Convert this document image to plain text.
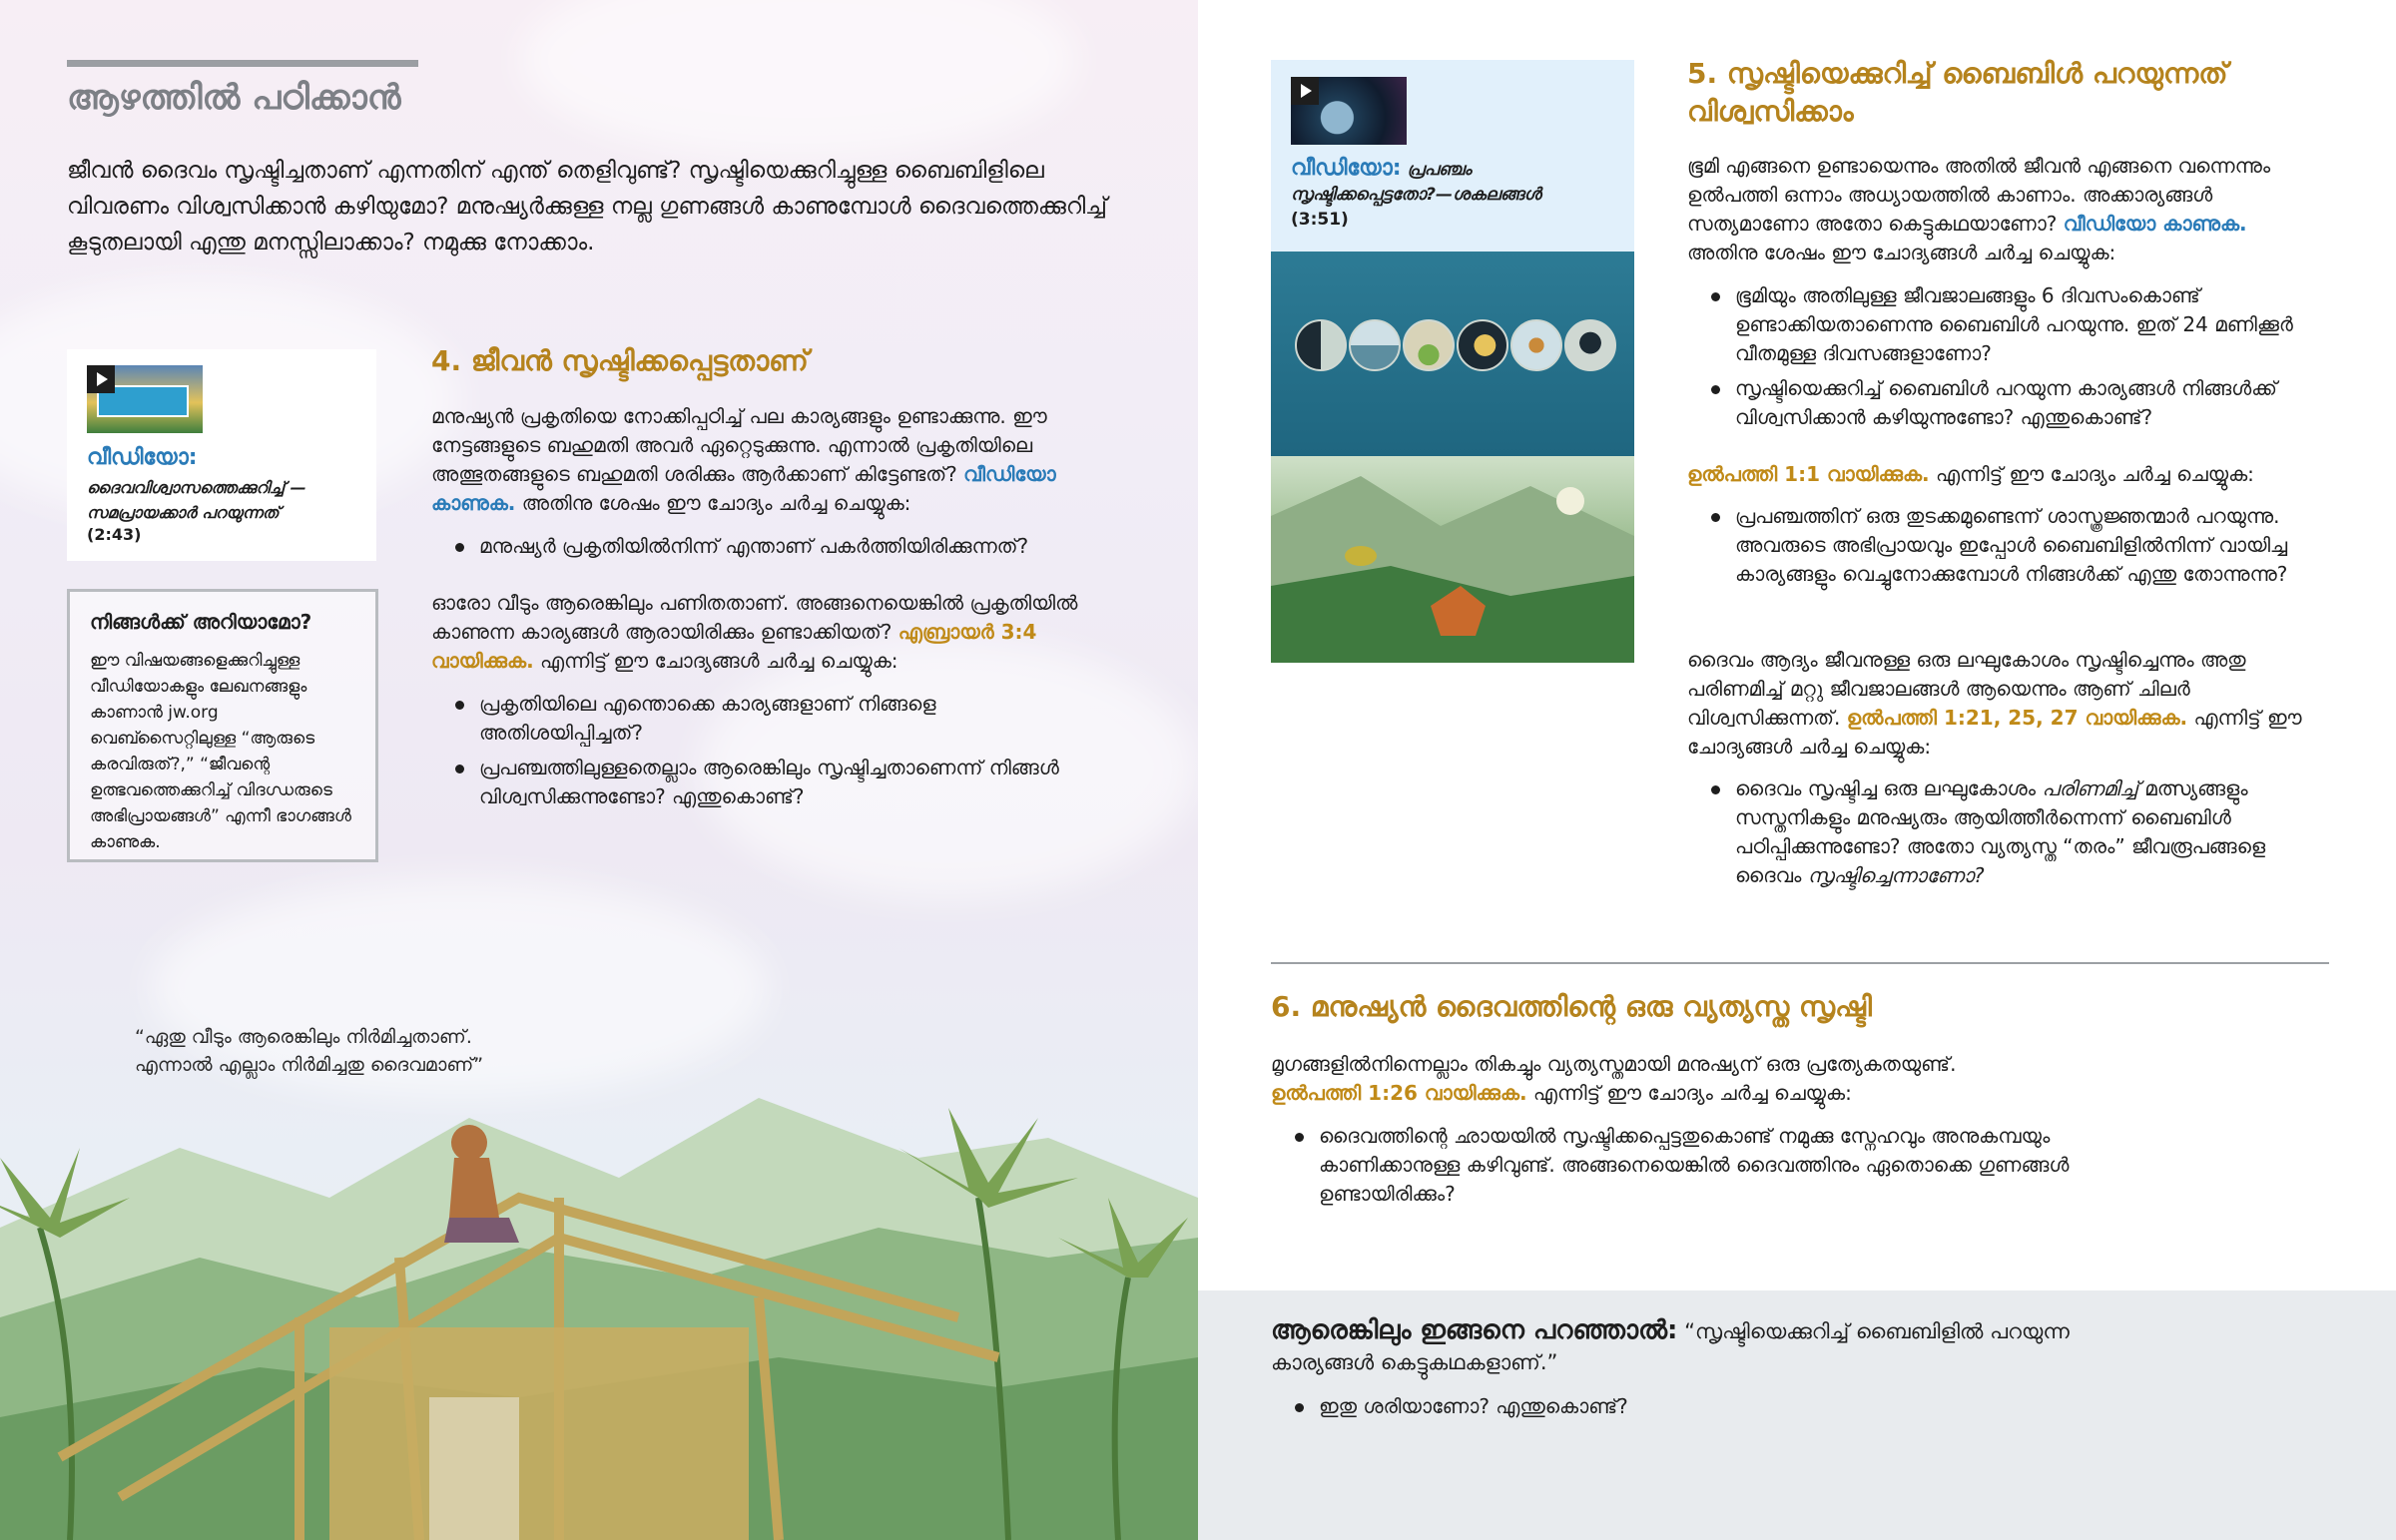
ആഴത്തിൽ പഠിക്കാൻ
ജീവൻ ദൈവം സൃഷ്ടിച്ചതാണ് എന്നതിന് എന്ത് തെളിവുണ്ട്? സൃഷ്ടിയെക്കുറിച്ചുള്ള ബൈബിളിലെ വിവരണം വിശ്വസിക്കാൻ കഴിയുമോ? മനുഷ്യർക്കുള്ള നല്ല ഗുണങ്ങൾ കാണുമ്പോൾ ദൈവത്തെക്കുറിച്ച് കൂടുതലായി എന്തു മനസ്സിലാക്കാം? നമുക്കു നോക്കാം.
വീഡിയോ:
ദൈവവിശ്വാസത്തെക്കുറിച്ച് —സമപ്രായക്കാർ പറയുന്നത്
(2:43)
നിങ്ങൾക്ക് അറിയാമോ?
ഈ വിഷയങ്ങളെക്കുറിച്ചുള്ള വീഡിയോകളും ലേഖനങ്ങളും കാണാൻ jw.org വെബ്സൈറ്റിലുള്ള “ആരുടെ കരവിരുത്?,” “ജീവന്റെ ഉത്ഭവത്തെക്കുറിച്ച് വിദഗ്ധരുടെ അഭിപ്രായങ്ങൾ” എന്നീ ഭാഗങ്ങൾ കാണുക.
4. ജീവൻ സൃഷ്ടിക്കപ്പെട്ടതാണ്
മനുഷ്യൻ പ്രകൃതിയെ നോക്കിപ്പഠിച്ച് പല കാര്യങ്ങളും ഉണ്ടാക്കുന്നു. ഈ നേട്ടങ്ങളുടെ ബഹുമതി അവർ ഏറ്റെടുക്കുന്നു. എന്നാൽ പ്രകൃതിയിലെ അത്ഭുതങ്ങളുടെ ബഹുമതി ശരിക്കും ആർക്കാണ് കിട്ടേണ്ടത്? വീഡിയോ കാണുക. അതിനു ശേഷം ഈ ചോദ്യം ചർച്ച ചെയ്യുക:
മനുഷ്യർ പ്രകൃതിയിൽനിന്ന് എന്താണ് പകർത്തിയിരിക്കുന്നത്?
ഓരോ വീടും ആരെങ്കിലും പണിതതാണ്. അങ്ങനെയെങ്കിൽ പ്രകൃതിയിൽ കാണുന്ന കാര്യങ്ങൾ ആരായിരിക്കും ഉണ്ടാക്കിയത്? എബ്രായർ 3:4 വായിക്കുക. എന്നിട്ട് ഈ ചോദ്യങ്ങൾ ചർച്ച ചെയ്യുക:
പ്രകൃതിയിലെ എന്തൊക്കെ കാര്യങ്ങളാണ് നിങ്ങളെ അതിശയിപ്പിച്ചത്?
പ്രപഞ്ചത്തിലുള്ളതെല്ലാം ആരെങ്കിലും സൃഷ്ടിച്ചതാണെന്ന് നിങ്ങൾ വിശ്വസിക്കുന്നുണ്ടോ? എന്തുകൊണ്ട്?
“ഏതു വീടും ആരെങ്കിലും നിർമിച്ചതാണ്.
എന്നാൽ എല്ലാം നിർമിച്ചതു ദൈവമാണ്”
വീഡിയോ: പ്രപഞ്ചം സൃഷ്ടിക്കപ്പെട്ടതോ?—ശകലങ്ങൾ
(3:51)
5. സൃഷ്ടിയെക്കുറിച്ച് ബൈബിൾ പറയുന്നത് വിശ്വസിക്കാം
ഭൂമി എങ്ങനെ ഉണ്ടായെന്നും അതിൽ ജീവൻ എങ്ങനെ വന്നെന്നും ഉൽപത്തി ഒന്നാം അധ്യായത്തിൽ കാണാം. അക്കാര്യങ്ങൾ സത്യമാണോ അതോ കെട്ടുകഥയാണോ? വീഡിയോ കാണുക.
അതിനു ശേഷം ഈ ചോദ്യങ്ങൾ ചർച്ച ചെയ്യുക:
ഭൂമിയും അതിലുള്ള ജീവജാലങ്ങളും 6 ദിവസംകൊണ്ട് ഉണ്ടാക്കിയതാണെന്നു ബൈബിൾ പറയുന്നു. ഇത് 24 മണിക്കൂർ വീതമുള്ള ദിവസങ്ങളാണോ?
സൃഷ്ടിയെക്കുറിച്ച് ബൈബിൾ പറയുന്ന കാര്യങ്ങൾ നിങ്ങൾക്ക് വിശ്വസിക്കാൻ കഴിയുന്നുണ്ടോ? എന്തുകൊണ്ട്?
ഉൽപത്തി 1:1 വായിക്കുക. എന്നിട്ട് ഈ ചോദ്യം ചർച്ച ചെയ്യുക:
പ്രപഞ്ചത്തിന് ഒരു തുടക്കമുണ്ടെന്ന് ശാസ്ത്രജ്ഞന്മാർ പറയുന്നു. അവരുടെ അഭിപ്രായവും ഇപ്പോൾ ബൈബിളിൽനിന്ന് വായിച്ച കാര്യങ്ങളും വെച്ചുനോക്കുമ്പോൾ നിങ്ങൾക്ക് എന്തു തോന്നുന്നു?
ദൈവം ആദ്യം ജീവനുള്ള ഒരു ലഘുകോശം സൃഷ്ടിച്ചെന്നും അതു പരിണമിച്ച് മറ്റു ജീവജാലങ്ങൾ ആയെന്നും ആണ് ചിലർ വിശ്വസിക്കുന്നത്. ഉൽപത്തി 1:21, 25, 27 വായിക്കുക. എന്നിട്ട് ഈ ചോദ്യങ്ങൾ ചർച്ച ചെയ്യുക:
ദൈവം സൃഷ്ടിച്ച ഒരു ലഘുകോശം പരിണമിച്ച് മത്സ്യങ്ങളും സസ്തനികളും മനുഷ്യരും ആയിത്തീർന്നെന്ന് ബൈബിൾ പഠിപ്പിക്കുന്നുണ്ടോ? അതോ വ്യത്യസ്ത “തരം” ജീവരൂപങ്ങളെ ദൈവം സൃഷ്ടിച്ചെന്നാണോ?
6. മനുഷ്യൻ ദൈവത്തിന്റെ ഒരു വ്യത്യസ്ത സൃഷ്ടി
മൃഗങ്ങളിൽനിന്നെല്ലാം തികച്ചും വ്യത്യസ്തമായി മനുഷ്യന് ഒരു പ്രത്യേകതയുണ്ട്.
ഉൽപത്തി 1:26 വായിക്കുക. എന്നിട്ട് ഈ ചോദ്യം ചർച്ച ചെയ്യുക:
ദൈവത്തിന്റെ ഛായയിൽ സൃഷ്ടിക്കപ്പെട്ടതുകൊണ്ട് നമുക്കു സ്നേഹവും അനുകമ്പയും കാണിക്കാനുള്ള കഴിവുണ്ട്. അങ്ങനെയെങ്കിൽ ദൈവത്തിനും ഏതൊക്കെ ഗുണങ്ങൾ ഉണ്ടായിരിക്കും?
ആരെങ്കിലും ഇങ്ങനെ പറഞ്ഞാൽ: “സൃഷ്ടിയെക്കുറിച്ച് ബൈബിളിൽ പറയുന്ന കാര്യങ്ങൾ കെട്ടുകഥകളാണ്.”
ഇതു ശരിയാണോ? എന്തുകൊണ്ട്?
